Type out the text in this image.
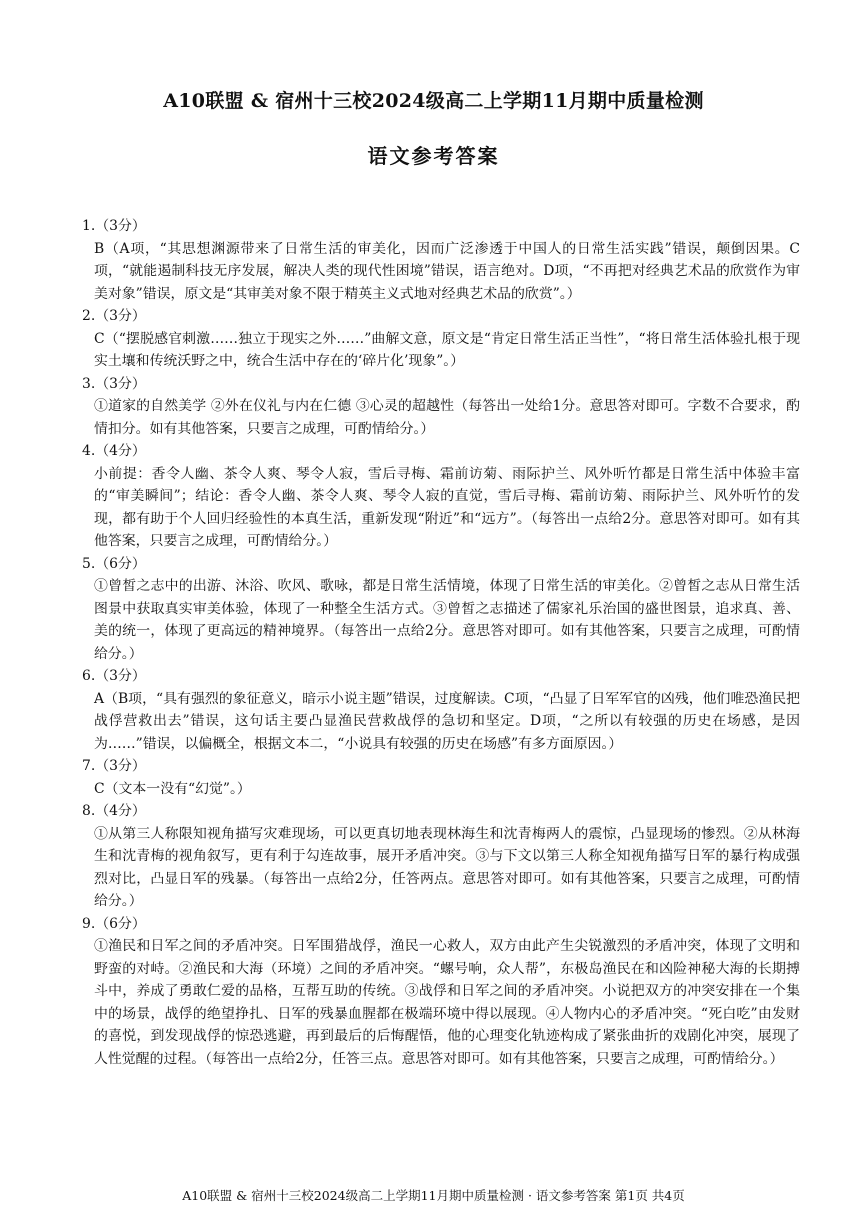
A10联盟 & 宿州十三校2024级高二上学期11月期中质量检测
语文参考答案

1.（3分）

B（A项，“其思想渊源带来了日常生活的审美化，因而广泛渗透于中国人的日常生活实践”错误，颠倒因果。C项，“就能遏制科技无序发展，解决人类的现代性困境”错误，语言绝对。D项，“不再把对经典艺术品的欣赏作为审美对象”错误，原文是“其审美对象不限于精英主义式地对经典艺术品的欣赏”。）

2.（3分）

C（“摆脱感官刺激……独立于现实之外……”曲解文意，原文是“肯定日常生活正当性”，“将日常生活体验扎根于现实土壤和传统沃野之中，统合生活中存在的‘碎片化’现象”。）

3.（3分）

①道家的自然美学 ②外在仪礼与内在仁德 ③心灵的超越性（每答出一处给1分。意思答对即可。字数不合要求，酌情扣分。如有其他答案，只要言之成理，可酌情给分。）

4.（4分）

小前提：香令人幽、茶令人爽、琴令人寂，雪后寻梅、霜前访菊、雨际护兰、风外听竹都是日常生活中体验丰富的“审美瞬间”；结论：香令人幽、茶令人爽、琴令人寂的直觉，雪后寻梅、霜前访菊、雨际护兰、风外听竹的发现，都有助于个人回归经验性的本真生活，重新发现“附近”和“远方”。（每答出一点给2分。意思答对即可。如有其他答案，只要言之成理，可酌情给分。）

5.（6分）

①曾皙之志中的出游、沐浴、吹风、歌咏，都是日常生活情境，体现了日常生活的审美化。②曾皙之志从日常生活图景中获取真实审美体验，体现了一种整全生活方式。③曾皙之志描述了儒家礼乐治国的盛世图景，追求真、善、美的统一，体现了更高远的精神境界。（每答出一点给2分。意思答对即可。如有其他答案，只要言之成理，可酌情给分。）

6.（3分）

A（B项，“具有强烈的象征意义，暗示小说主题”错误，过度解读。C项，“凸显了日军军官的凶残，他们唯恐渔民把战俘营救出去”错误，这句话主要凸显渔民营救战俘的急切和坚定。D项，“之所以有较强的历史在场感，是因为……”错误，以偏概全，根据文本二，“小说具有较强的历史在场感”有多方面原因。）

7.（3分）

C（文本一没有“幻觉”。）

8.（4分）

①从第三人称限知视角描写灾难现场，可以更真切地表现林海生和沈青梅两人的震惊，凸显现场的惨烈。②从林海生和沈青梅的视角叙写，更有利于勾连故事，展开矛盾冲突。③与下文以第三人称全知视角描写日军的暴行构成强烈对比，凸显日军的残暴。（每答出一点给2分，任答两点。意思答对即可。如有其他答案，只要言之成理，可酌情给分。）

9.（6分）

①渔民和日军之间的矛盾冲突。日军围猎战俘，渔民一心救人，双方由此产生尖锐激烈的矛盾冲突，体现了文明和野蛮的对峙。②渔民和大海（环境）之间的矛盾冲突。“螺号响，众人帮”，东极岛渔民在和凶险神秘大海的长期搏斗中，养成了勇敢仁爱的品格，互帮互助的传统。③战俘和日军之间的矛盾冲突。小说把双方的冲突安排在一个集中的场景，战俘的绝望挣扎、日军的残暴血腥都在极端环境中得以展现。④人物内心的矛盾冲突。“死白吃”由发财的喜悦，到发现战俘的惊恐逃避，再到最后的后悔醒悟，他的心理变化轨迹构成了紧张曲折的戏剧化冲突，展现了人性觉醒的过程。（每答出一点给2分，任答三点。意思答对即可。如有其他答案，只要言之成理，可酌情给分。）

A10联盟 & 宿州十三校2024级高二上学期11月期中质量检测 · 语文参考答案 第1页 共4页
